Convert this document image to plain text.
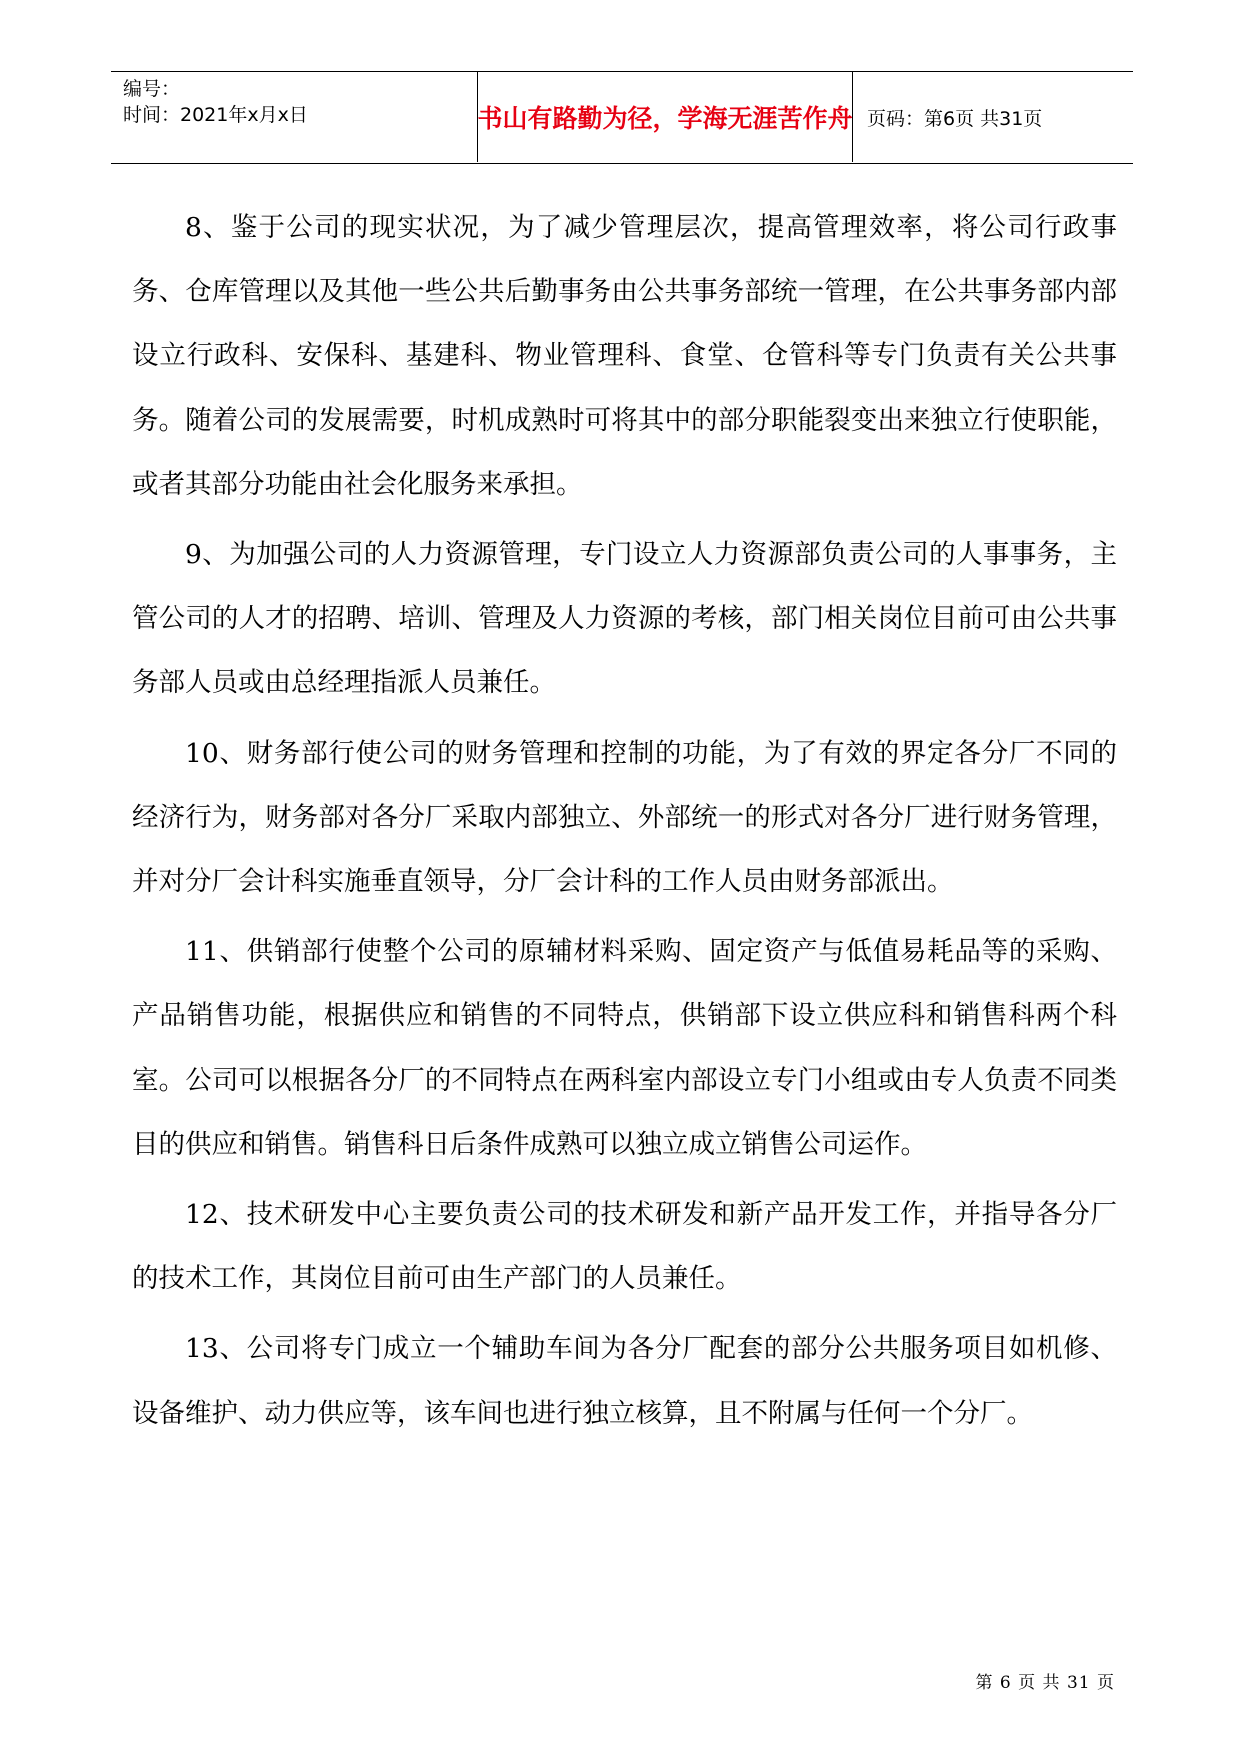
编号：
时间：2021年x月x日	书山有路勤为径，学海无涯苦作舟 页码：第6页 共31页

8、鉴于公司的现实状况，为了减少管理层次，提高管理效率，将公司行政事务、仓库管理以及其他一些公共后勤事务由公共事务部统一管理，在公共事务部内部设立行政科、安保科、基建科、物业管理科、食堂、仓管科等专门负责有关公共事务。随着公司的发展需要，时机成熟时可将其中的部分职能裂变出来独立行使职能，或者其部分功能由社会化服务来承担。

9、为加强公司的人力资源管理，专门设立人力资源部负责公司的人事事务，主管公司的人才的招聘、培训、管理及人力资源的考核，部门相关岗位目前可由公共事务部人员或由总经理指派人员兼任。

10、财务部行使公司的财务管理和控制的功能，为了有效的界定各分厂不同的经济行为，财务部对各分厂采取内部独立、外部统一的形式对各分厂进行财务管理，并对分厂会计科实施垂直领导，分厂会计科的工作人员由财务部派出。

11、供销部行使整个公司的原辅材料采购、固定资产与低值易耗品等的采购、产品销售功能，根据供应和销售的不同特点，供销部下设立供应科和销售科两个科室。公司可以根据各分厂的不同特点在两科室内部设立专门小组或由专人负责不同类目的供应和销售。销售科日后条件成熟可以独立成立销售公司运作。

12、技术研发中心主要负责公司的技术研发和新产品开发工作，并指导各分厂的技术工作，其岗位目前可由生产部门的人员兼任。

13、公司将专门成立一个辅助车间为各分厂配套的部分公共服务项目如机修、设备维护、动力供应等，该车间也进行独立核算，且不附属与任何一个分厂。

第 6 页 共 31 页
